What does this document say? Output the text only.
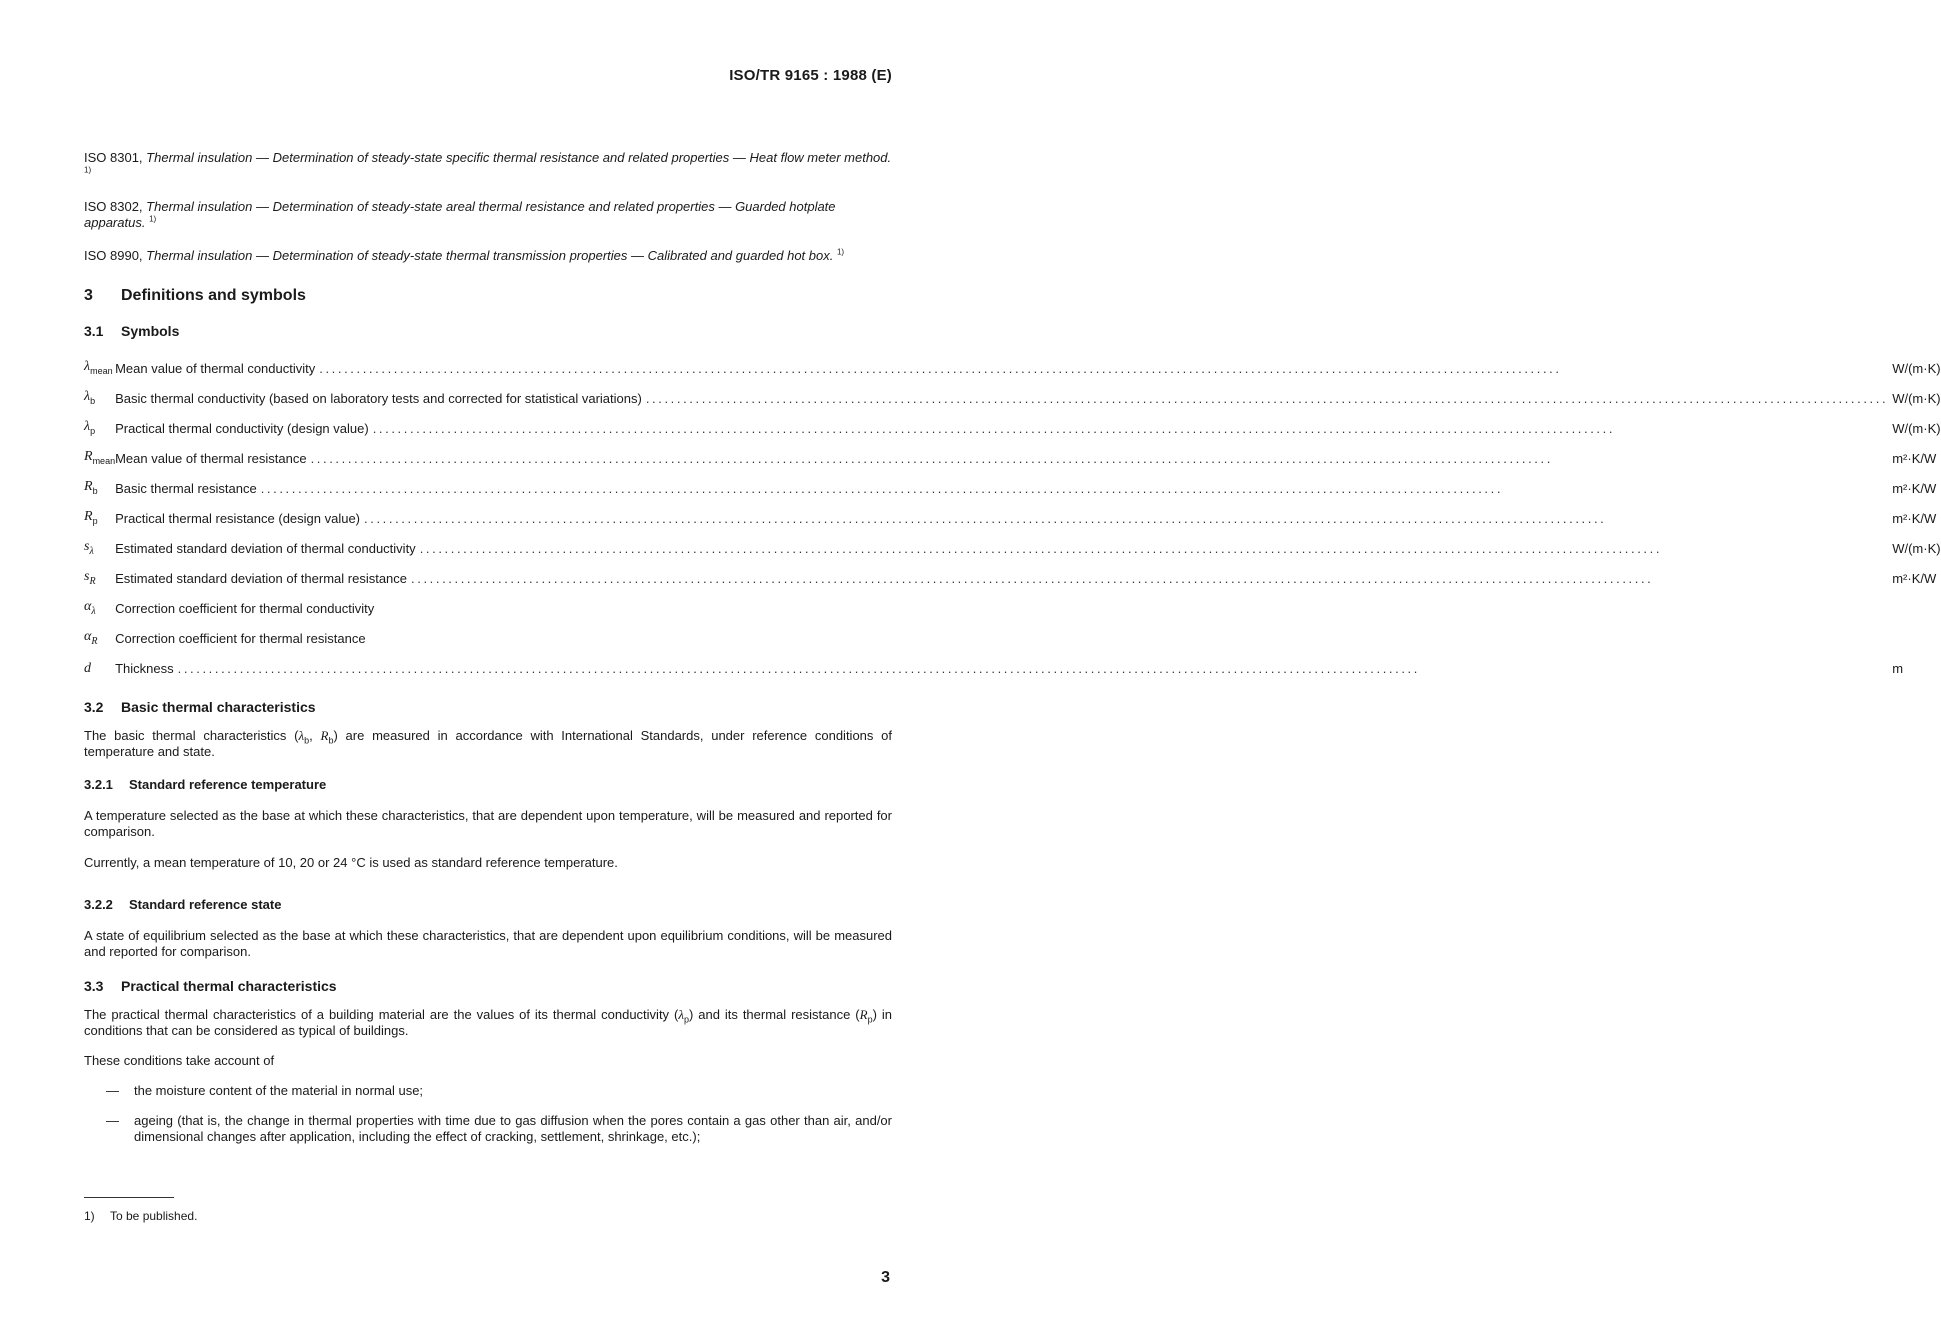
ISO/TR 9165 : 1988 (E)

ISO 8301, Thermal insulation — Determination of steady-state specific thermal resistance and related properties — Heat flow meter method. $^{1)}$

ISO 8302, Thermal insulation — Determination of steady-state areal thermal resistance and related properties — Guarded hotplate apparatus. $^{1)}$

ISO 8990, Thermal insulation — Determination of steady-state thermal transmission properties — Calibrated and guarded hot box. $^{1)}$

3 Definitions and symbols
3.1 Symbols
$\lambda_{mean}$	Mean value of thermal conductivity ........................................................................................................................................................................................................	W/(m·K)
$\lambda_b$	Basic thermal conductivity (based on laboratory tests and corrected for statistical variations) ........................................................................................................................................................................................................	W/(m·K)
$\lambda_p$	Practical thermal conductivity (design value) ........................................................................................................................................................................................................	W/(m·K)
$R_{mean}$	Mean value of thermal resistance ........................................................................................................................................................................................................	m²·K/W
$R_b$	Basic thermal resistance ........................................................................................................................................................................................................	m²·K/W
$R_p$	Practical thermal resistance (design value) ........................................................................................................................................................................................................	m²·K/W
$s_\lambda$	Estimated standard deviation of thermal conductivity ........................................................................................................................................................................................................	W/(m·K)
$s_R$	Estimated standard deviation of thermal resistance ........................................................................................................................................................................................................	m²·K/W
$\alpha_\lambda$	Correction coefficient for thermal conductivity	

$\alpha_R$	Correction coefficient for thermal resistance	

d	Thickness ........................................................................................................................................................................................................	m
3.2 Basic thermal characteristics

The basic thermal characteristics ($\lambda_b$, $R_b$) are measured in accordance with International Standards, under reference conditions of temperature and state.

3.2.1 Standard reference temperature

A temperature selected as the base at which these characteristics, that are dependent upon temperature, will be measured and reported for comparison.

Currently, a mean temperature of 10, 20 or 24 °C is used as standard reference temperature.

3.2.2 Standard reference state

A state of equilibrium selected as the base at which these characteristics, that are dependent upon equilibrium conditions, will be measured and reported for comparison.

3.3 Practical thermal characteristics

The practical thermal characteristics of a building material are the values of its thermal conductivity $(\lambda_p)$ and its thermal resistance $(R_p)$ in conditions that can be considered as typical of buildings.

These conditions take account of

—	the moisture content of the material in normal use;
—	ageing (that is, the change in thermal properties with time due to gas diffusion when the pores contain a gas other than air, and/or dimensional changes after application, including the effect of cracking, settlement, shrinkage, etc.);
1) To be published.
3
